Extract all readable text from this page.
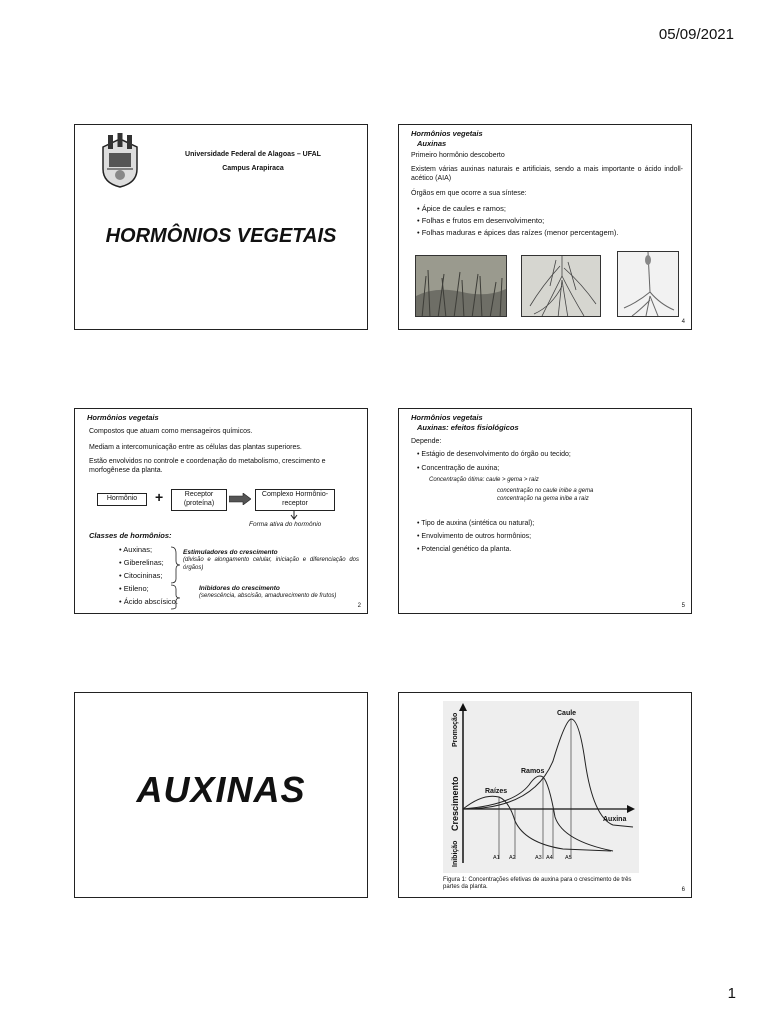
05/09/2021
Universidade Federal de Alagoas – UFAL
Campus Arapiraca
HORMÔNIOS VEGETAIS
Hormônios vegetais
Auxinas
Primeiro hormônio descoberto
Existem várias auxinas naturais e artificiais, sendo a mais importante o ácido indoll-acético (AIA)
Órgãos em que ocorre a sua síntese:
• Ápice de caules e ramos;
• Folhas e frutos em desenvolvimento;
• Folhas maduras e ápices das raízes (menor percentagem).
4
Hormônios vegetais
Compostos que atuam como mensageiros químicos.
Mediam a intercomunicação entre as células das plantas superiores.
Estão envolvidos no controle e coordenação do metabolismo, crescimento e morfogênese da planta.
Hormônio	+	Receptor (proteína)
Complexo Hormônio-receptor
Forma ativa do hormônio
Classes de hormônios:
• Auxinas;
• Giberelinas;
• Citocininas;
• Etileno;
• Ácido abscísico.
Estimuladores do crescimento
(divisão e alongamento celular, iniciação e diferenciação dos órgãos)
Inibidores do crescimento
(senescência, abscisão, amadurecimento de frutos)
2
Hormônios vegetais
Auxinas: efeitos fisiológicos
Depende:
• Estágio de desenvolvimento do órgão ou tecido;
• Concentração de auxina;
Concentração ótima: caule > gema > raiz
concentração no caule inibe a gema
concentração na gema inibe a raiz
• Tipo de auxina (sintética ou natural);
• Envolvimento de outros hormônios;
• Potencial genético da planta.
5
AUXINAS	Raízes
Ramos
Caule
Auxina
A1 A2	A3 A4 A5
Inibição
Crescimento
Promoção
Figura 1: Concentrações efetivas de auxina para o crescimento de três partes da planta.	6
1
